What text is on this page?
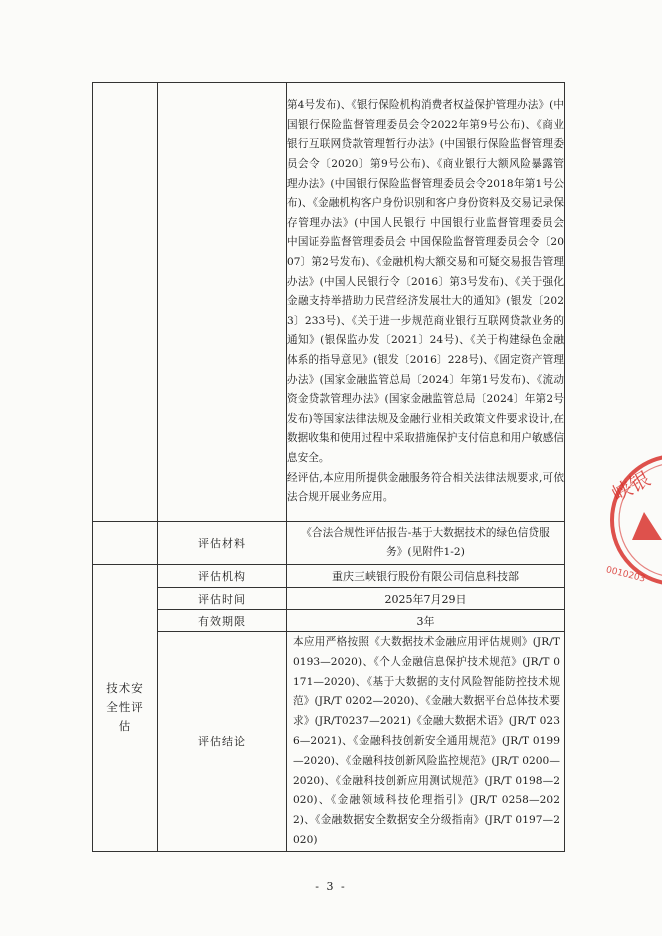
		第4号发布)、《银行保险机构消费者权益保护管理办法》(中国银行保险监督管理委员会令2022年第9号公布)、《商业银行互联网贷款管理暂行办法》(中国银行保险监督管理委员会令〔2020〕第9号公布)、《商业银行大额风险暴露管理办法》(中国银行保险监督管理委员会令2018年第1号公布)、《金融机构客户身份识别和客户身份资料及交易记录保存管理办法》(中国人民银行 中国银行业监督管理委员会 中国证券监督管理委员会 中国保险监督管理委员会令〔2007〕第2号发布)、《金融机构大额交易和可疑交易报告管理办法》(中国人民银行令〔2016〕第3号发布)、《关于强化金融支持举措助力民营经济发展壮大的通知》(银发〔2023〕233号)、《关于进一步规范商业银行互联网贷款业务的通知》(银保监办发〔2021〕24号)、《关于构建绿色金融体系的指导意见》(银发〔2016〕228号)、《固定资产管理办法》(国家金融监管总局〔2024〕年第1号发布)、《流动资金贷款管理办法》(国家金融监管总局〔2024〕年第2号发布)等国家法律法规及金融行业相关政策文件要求设计,在数据收集和使用过程中采取措施保护支付信息和用户敏感信息安全。

经评估,本应用所提供金融服务符合相关法律法规要求,可依法合规开展业务应用。

	评估材料	《合法合规性评估报告-基于大数据技术的绿色信贷服务》(见附件1-2)

技术安全性评估	评估机构	重庆三峡银行股份有限公司信息科技部
	评估时间	2025年7月29日
	有效期限	3年
	评估结论	本应用严格按照《大数据技术金融应用评估规则》(JR/T 0193—2020)、《个人金融信息保护技术规范》(JR/T 0171—2020)、《基于大数据的支付风险智能防控技术规范》(JR/T 0202—2020)、《金融大数据平台总体技术要求》(JR/T0237—2021)《金融大数据术语》(JR/T 0236—2021)、《金融科技创新安全通用规范》(JR/T 0199—2020)、《金融科技创新风险监控规范》(JR/T 0200—2020)、《金融科技创新应用测试规范》(JR/T 0198—2020)、《金融领域科技伦理指引》(JR/T 0258—2022)、《金融数据安全数据安全分级指南》(JR/T 0197—2020)
峡银
0010203
- 3 -
